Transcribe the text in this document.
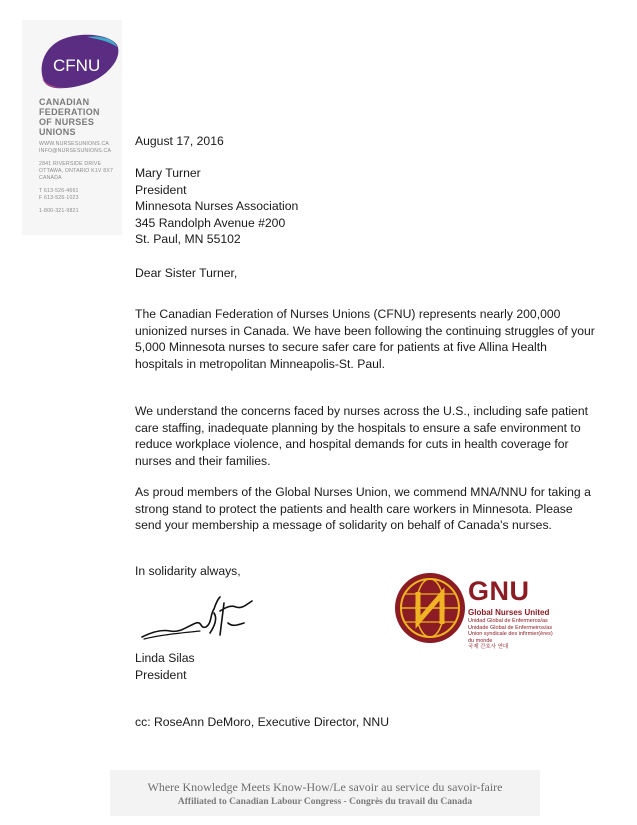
CFNU
CANADIAN
FEDERATION
OF NURSES
UNIONS
WWW.NURSESUNIONS.CA
INFO@NURSESUNIONS.CA
2841 RIVERSIDE DRIVE
OTTAWA, ONTARIO K1V 8X7
CANADA
T 613-526-4661
F 613-526-1023
1-800-321-9821
August 17, 2016
Mary Turner
President
Minnesota Nurses Association
345 Randolph Avenue #200
St. Paul, MN 55102
Dear Sister Turner,
The Canadian Federation of Nurses Unions (CFNU) represents nearly 200,000 unionized nurses in Canada. We have been following the continuing struggles of your 5,000 Minnesota nurses to secure safer care for patients at five Allina Health hospitals in metropolitan Minneapolis-St. Paul.
We understand the concerns faced by nurses across the U.S., including safe patient care staffing, inadequate planning by the hospitals to ensure a safe environment to reduce workplace violence, and hospital demands for cuts in health coverage for nurses and their families.
As proud members of the Global Nurses Union, we commend MNA/NNU for taking a strong stand to protect the patients and health care workers in Minnesota. Please send your membership a message of solidarity on behalf of Canada's nurses.
In solidarity always,
Linda Silas
President
cc: RoseAnn DeMoro, Executive Director, NNU
GNU
Global Nurses United
Unidad Global de Enfermeros/as
Unidade Global de Enfermeiros/as
Union syndicale des infirmier(ères)
du monde
국제 간호사 연대
Where Knowledge Meets Know-How/Le savoir au service du savoir-faire
Affiliated to Canadian Labour Congress - Congrès du travail du Canada
